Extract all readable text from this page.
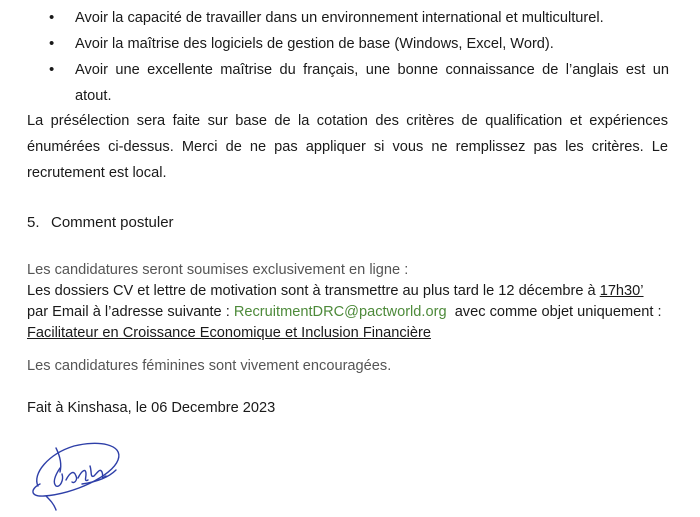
• Avoir la capacité de travailler dans un environnement international et multiculturel.
• Avoir la maîtrise des logiciels de gestion de base (Windows, Excel, Word).
• Avoir une excellente maîtrise du français, une bonne connaissance de l’anglais est un atout.

La présélection sera faite sur base de la cotation des critères de qualification et expériences énumérées ci-dessus. Merci de ne pas appliquer si vous ne remplissez pas les critères. Le recrutement est local.

5. Comment postuler
Les candidatures seront soumises exclusivement en ligne :
Les dossiers CV et lettre de motivation sont à transmettre au plus tard le 12 décembre à 17h30’
par Email à l’adresse suivante : RecruitmentDRC@pactworld.org avec comme objet uniquement : Facilitateur en Croissance Economique et Inclusion Financière
Les candidatures féminines sont vivement encouragées.
Fait à Kinshasa, le 06 Decembre 2023
